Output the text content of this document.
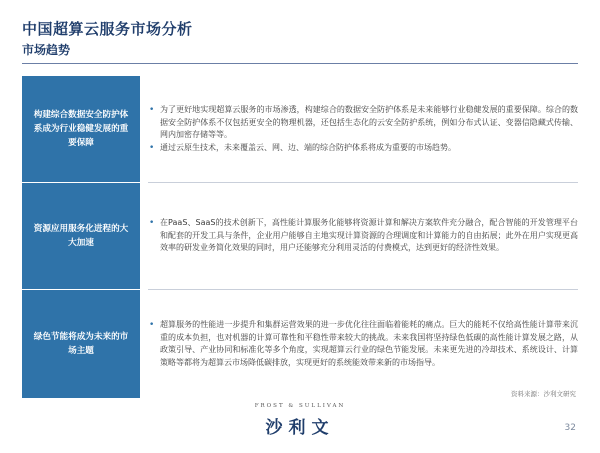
中国超算云服务市场分析
市场趋势
构建综合数据安全防护体系成为行业稳健发展的重要保障
资源应用服务化进程的大大加速
绿色节能将成为未来的市场主题
• 为了更好地实现超算云服务的市场渗透，构建综合的数据安全防护体系是未来能够行业稳健发展的重要保障。综合的数据安全防护体系不仅包括更安全的物理机器，还包括生态化的云安全防护系统，例如分布式认证、变器信隐藏式传输、网内加密存储等等。
• 通过云原生技术，未来覆盖云、网、边、端的综合防护体系将成为重要的市场趋势。
• 在PaaS、SaaS的技术创新下，高性能计算服务化能够将资源计算和解决方案软件充分融合，配合智能的开发管理平台和配套的开发工具与条件，企业用户能够自主地实现计算资源的合理调度和计算能力的自由拓展；此外在用户实现更高效率的研发业务简化效果的同时，用户还能够充分利用灵活的付费模式，达到更好的经济性效果。
• 超算服务的性能进一步提升和集群运营效果的进一步优化往往面临着能耗的痛点。巨大的能耗不仅给高性能计算带来沉重的成本负担，也对机器的计算可靠性和平稳性带来较大的挑战。未来我国将坚持绿色低碳的高性能计算发展之路，从政策引导、产业协同和标准化等多个角度，实现超算云行业的绿色节能发展。未来更先进的冷却技术、系统设计、计算策略等都将为超算云市场降低碳排放，实现更好的系统能效带来新的市场指导。
资料来源：沙利文研究
FROST & SULLIVAN
沙利文	32
